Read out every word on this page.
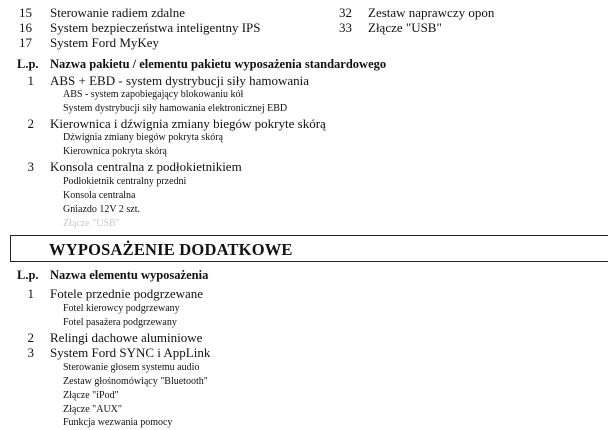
15 Sterowanie radiem zdalne
16 System bezpieczeństwa inteligentny IPS
17 System Ford MyKey
32 Zestaw naprawczy opon
33 Złącze "USB"
L.p. Nazwa pakietu / elementu pakietu wyposażenia standardowego
1 ABS + EBD - system dystrybucji siły hamowania
ABS - system zapobiegający blokowaniu kół
System dystrybucji siły hamowania elektronicznej EBD
2 Kierownica i dźwignia zmiany biegów pokryte skórą
Dźwignia zmiany biegów pokryta skórą
Kierownica pokryta skórą
3 Konsola centralna z podłokietnikiem
Podłokietnik centralny przedni
Konsola centralna
Gniazdo 12V 2 szt.
Złącze "USB"
WYPOSAŻENIE DODATKOWE
L.p. Nazwa elementu wyposażenia
1 Fotele przednie podgrzewane
Fotel kierowcy podgrzewany
Fotel pasażera podgrzewany
2 Relingi dachowe aluminiowe
3 System Ford SYNC i AppLink
Sterowanie głosem systemu audio
Zestaw głośnomówiący "Bluetooth"
Złącze "iPod"
Złącze "AUX"
Funkcja wezwania pomocy
